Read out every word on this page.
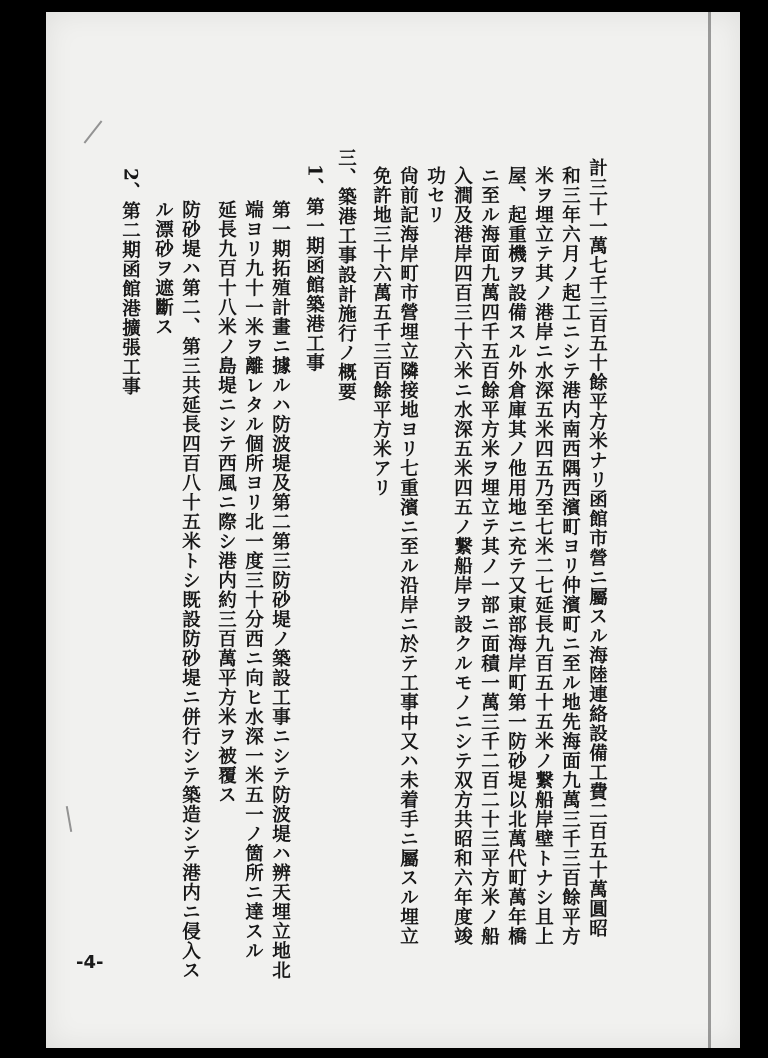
計三十一萬七千三百五十餘平方米ナリ函館市營ニ屬スル海陸連絡設備工費二百五十萬圓昭
和三年六月ノ起工ニシテ港内南西隅西濱町ヨリ仲濱町ニ至ル地先海面九萬三千三百餘平方
米ヲ埋立テ其ノ港岸ニ水深五米四五乃至七米二七延長九百五十五米ノ繋船岸壁トナシ且上
屋、起重機ヲ設備スル外倉庫其ノ他用地ニ充テ又東部海岸町第一防砂堤以北萬代町萬年橋
ニ至ル海面九萬四千五百餘平方米ヲ埋立テ其ノ一部ニ面積一萬三千二百二十三平方米ノ船
入澗及港岸四百三十六米ニ水深五米四五ノ繋船岸ヲ設クルモノニシテ双方共昭和六年度竣
功セリ
尙前記海岸町市營埋立隣接地ヨリ七重濱ニ至ル沿岸ニ於テ工事中又ハ未着手ニ屬スル埋立
免許地三十六萬五千三百餘平方米アリ
三、築港工事設計施行ノ概要
1、第一期函館築港工事
第一期拓殖計畫ニ據ルハ防波堤及第二第三防砂堤ノ築設工事ニシテ防波堤ハ辨天埋立地北
端ヨリ九十一米ヲ離レタル個所ヨリ北一度三十分西ニ向ヒ水深一米五一ノ箇所ニ達スル
延長九百十八米ノ島堤ニシテ西風ニ際シ港内約三百萬平方米ヲ被覆ス
防砂堤ハ第二、第三共延長四百八十五米トシ既設防砂堤ニ併行シテ築造シテ港内ニ侵入ス
ル漂砂ヲ遮斷ス
2、第二期函館港擴張工事
-4-
